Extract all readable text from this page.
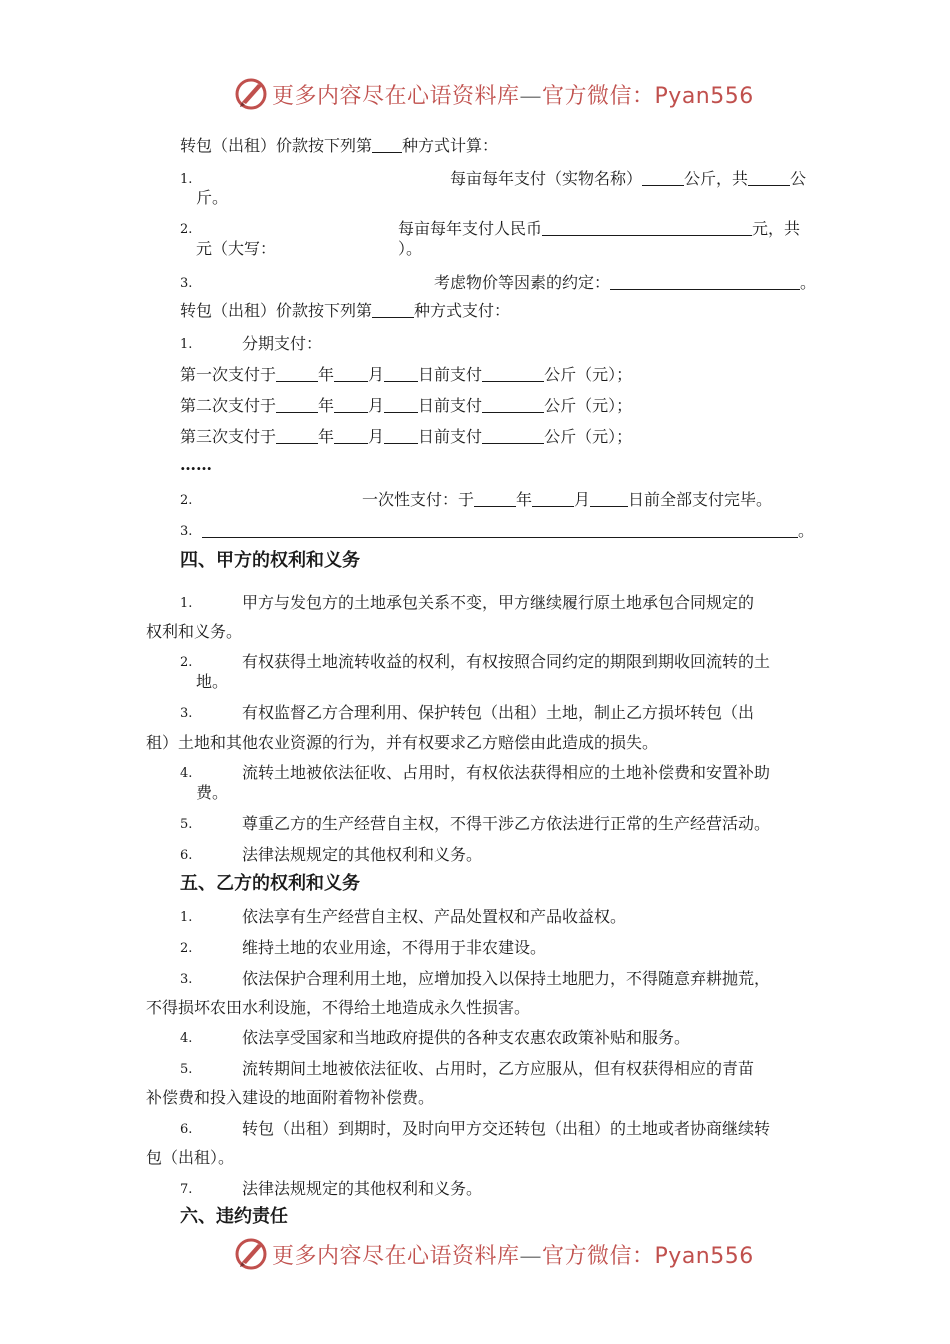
更多内容尽在心语资料库—官方微信：Pyan556
转包（出租）价款按下列第 种方式计算：
1.	每亩每年支付（实物名称）	公斤，共	公
斤。
2.	每亩每年支付人民币	元，共
元（大写：	）。
3.	考虑物价等因素的约定：	。
转包（出租）价款按下列第	种方式支付：
1.	分期支付：
第一次支付于	年 月 日前支付	公斤（元）；
第二次支付于	年 月 日前支付	公斤（元）；
第三次支付于	年 月 日前支付	公斤（元）；
……
2.	一次性支付：于	年	月 日前全部支付完毕。
3.	。
四、甲方的权利和义务
1.	甲方与发包方的土地承包关系不变，甲方继续履行原土地承包合同规定的
权利和义务。
2.	有权获得土地流转收益的权利，有权按照合同约定的期限到期收回流转的土
地。
3.	有权监督乙方合理利用、保护转包（出租）土地，制止乙方损坏转包（出
租）土地和其他农业资源的行为，并有权要求乙方赔偿由此造成的损失。
4.	流转土地被依法征收、占用时，有权依法获得相应的土地补偿费和安置补助
费。
5.	尊重乙方的生产经营自主权，不得干涉乙方依法进行正常的生产经营活动。
6.	法律法规规定的其他权利和义务。
五、乙方的权利和义务
1.	依法享有生产经营自主权、产品处置权和产品收益权。
2.	维持土地的农业用途，不得用于非农建设。
3.	依法保护合理利用土地，应增加投入以保持土地肥力，不得随意弃耕抛荒，
不得损坏农田水利设施，不得给土地造成永久性损害。
4.	依法享受国家和当地政府提供的各种支农惠农政策补贴和服务。
5.	流转期间土地被依法征收、占用时，乙方应服从，但有权获得相应的青苗
补偿费和投入建设的地面附着物补偿费。
6.	转包（出租）到期时，及时向甲方交还转包（出租）的土地或者协商继续转
包（出租）。
7.	法律法规规定的其他权利和义务。
六、违约责任
更多内容尽在心语资料库—官方微信：Pyan556
